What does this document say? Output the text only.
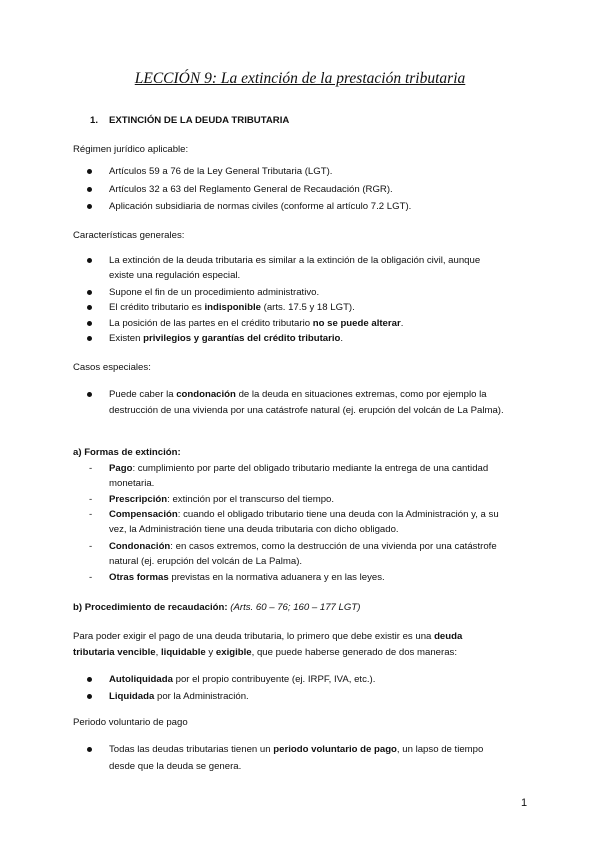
LECCIÓN 9: La extinción de la prestación tributaria
1. EXTINCIÓN DE LA DEUDA TRIBUTARIA
Régimen jurídico aplicable:
Artículos 59 a 76 de la Ley General Tributaria (LGT).
Artículos 32 a 63 del Reglamento General de Recaudación (RGR).
Aplicación subsidiaria de normas civiles (conforme al artículo 7.2 LGT).
Características generales:
La extinción de la deuda tributaria es similar a la extinción de la obligación civil, aunque
existe una regulación especial.
Supone el fin de un procedimiento administrativo.
El crédito tributario es indisponible (arts. 17.5 y 18 LGT).
La posición de las partes en el crédito tributario no se puede alterar.
Existen privilegios y garantías del crédito tributario.
Casos especiales:
Puede caber la condonación de la deuda en situaciones extremas, como por ejemplo la
destrucción de una vivienda por una catástrofe natural (ej. erupción del volcán de La Palma).
a) Formas de extinción:
- Pago: cumplimiento por parte del obligado tributario mediante la entrega de una cantidad
monetaria.
- Prescripción: extinción por el transcurso del tiempo.
- Compensación: cuando el obligado tributario tiene una deuda con la Administración y, a su
vez, la Administración tiene una deuda tributaria con dicho obligado.
- Condonación: en casos extremos, como la destrucción de una vivienda por una catástrofe
natural (ej. erupción del volcán de La Palma).
- Otras formas previstas en la normativa aduanera y en las leyes.
b) Procedimiento de recaudación: (Arts. 60 – 76; 160 – 177 LGT)
Para poder exigir el pago de una deuda tributaria, lo primero que debe existir es una deuda
tributaria vencible, liquidable y exigible, que puede haberse generado de dos maneras:
Autoliquidada por el propio contribuyente (ej. IRPF, IVA, etc.).
Liquidada por la Administración.
Periodo voluntario de pago
Todas las deudas tributarias tienen un periodo voluntario de pago, un lapso de tiempo
desde que la deuda se genera.
1
